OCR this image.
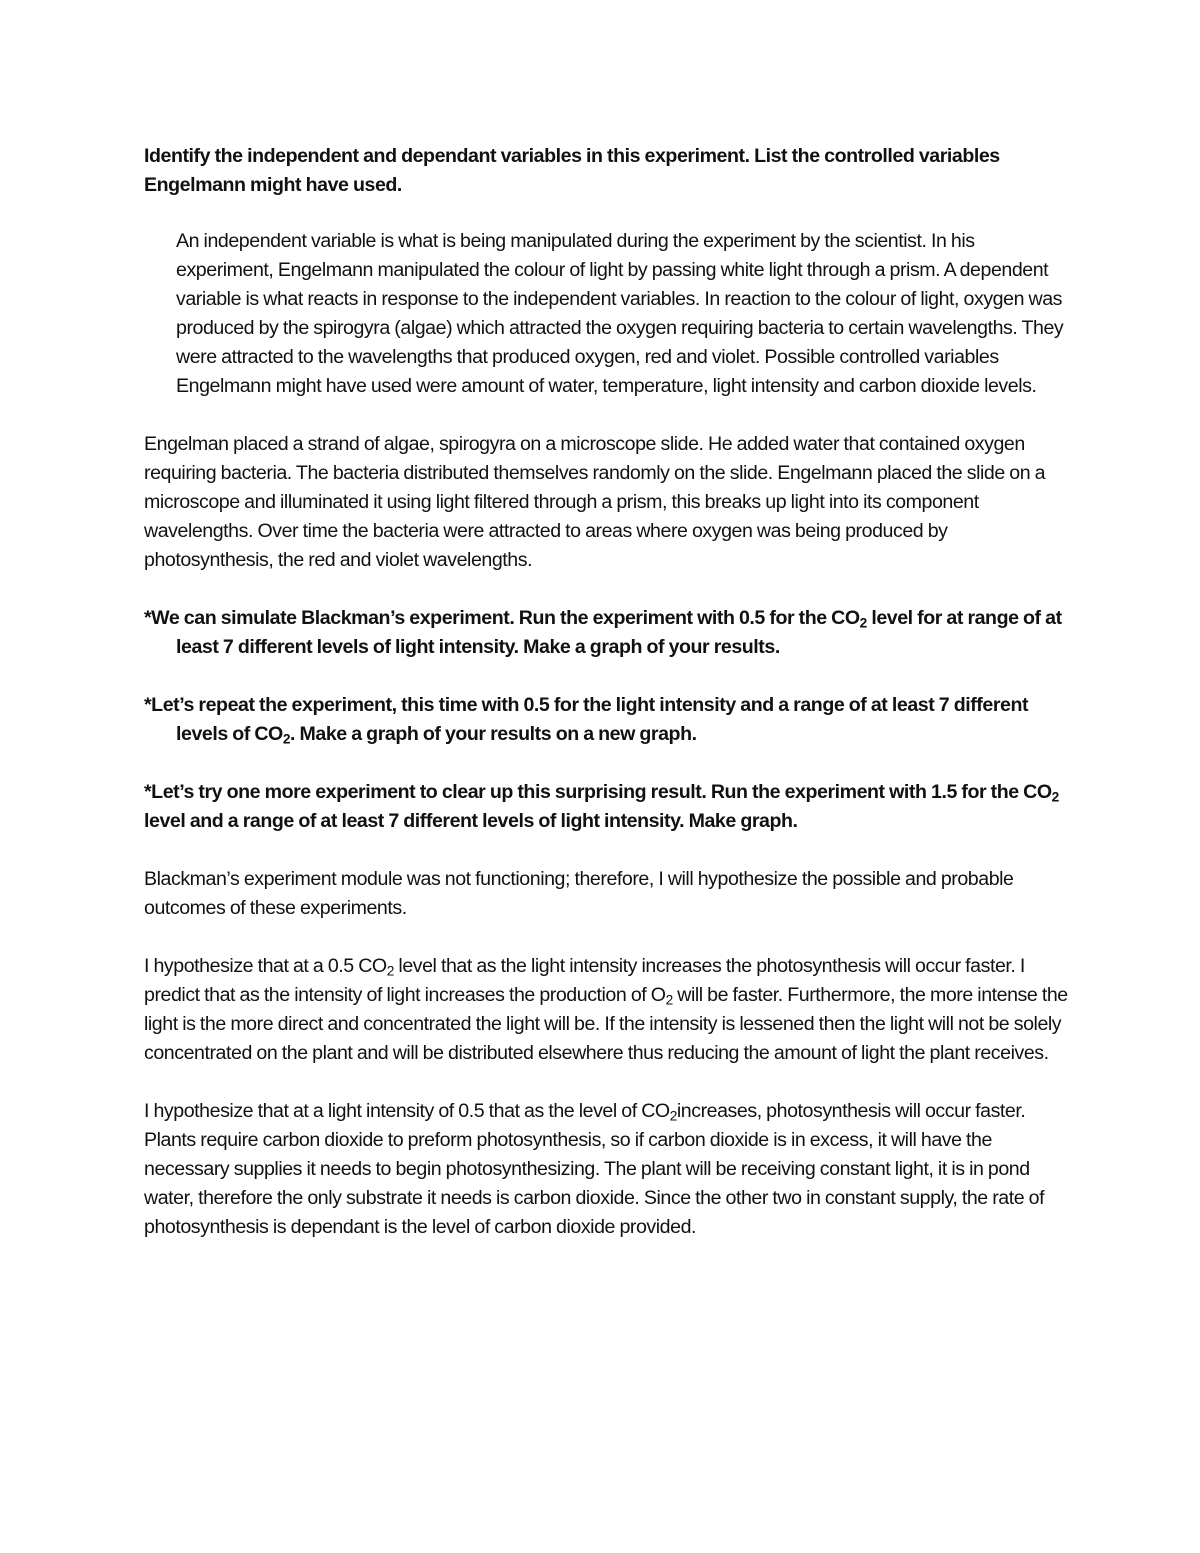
Identify the independent and dependant variables in this experiment. List the controlled variables Engelmann might have used.

An independent variable is what is being manipulated during the experiment by the scientist. In his experiment, Engelmann manipulated the colour of light by passing white light through a prism. A dependent variable is what reacts in response to the independent variables. In reaction to the colour of light, oxygen was produced by the spirogyra (algae) which attracted the oxygen requiring bacteria to certain wavelengths. They were attracted to the wavelengths that produced oxygen, red and violet. Possible controlled variables Engelmann might have used were amount of water, temperature, light intensity and carbon dioxide levels.

Engelman placed a strand of algae, spirogyra on a microscope slide. He added water that contained oxygen requiring bacteria. The bacteria distributed themselves randomly on the slide. Engelmann placed the slide on a microscope and illuminated it using light filtered through a prism, this breaks up light into its component wavelengths. Over time the bacteria were attracted to areas where oxygen was being produced by photosynthesis, the red and violet wavelengths.

*We can simulate Blackman’s experiment. Run the experiment with 0.5 for the $CO_2$ level for at range of at least 7 different levels of light intensity. Make a graph of your results.

*Let’s repeat the experiment, this time with 0.5 for the light intensity and a range of at least 7 different levels of $CO_2$. Make a graph of your results on a new graph.

*Let’s try one more experiment to clear up this surprising result. Run the experiment with 1.5 for the $CO_2$ level and a range of at least 7 different levels of light intensity. Make graph.

Blackman’s experiment module was not functioning; therefore, I will hypothesize the possible and probable outcomes of these experiments.

I hypothesize that at a 0.5 $CO_2$ level that as the light intensity increases the photosynthesis will occur faster. I predict that as the intensity of light increases the production of $O_2$ will be faster. Furthermore, the more intense the light is the more direct and concentrated the light will be. If the intensity is lessened then the light will not be solely concentrated on the plant and will be distributed elsewhere thus reducing the amount of light the plant receives.

I hypothesize that at a light intensity of 0.5 that as the level of $CO_2increases$, photosynthesis will occur faster. Plants require carbon dioxide to preform photosynthesis, so if carbon dioxide is in excess, it will have the necessary supplies it needs to begin photosynthesizing. The plant will be receiving constant light, it is in pond water, therefore the only substrate it needs is carbon dioxide. Since the other two in constant supply, the rate of photosynthesis is dependant is the level of carbon dioxide provided.
